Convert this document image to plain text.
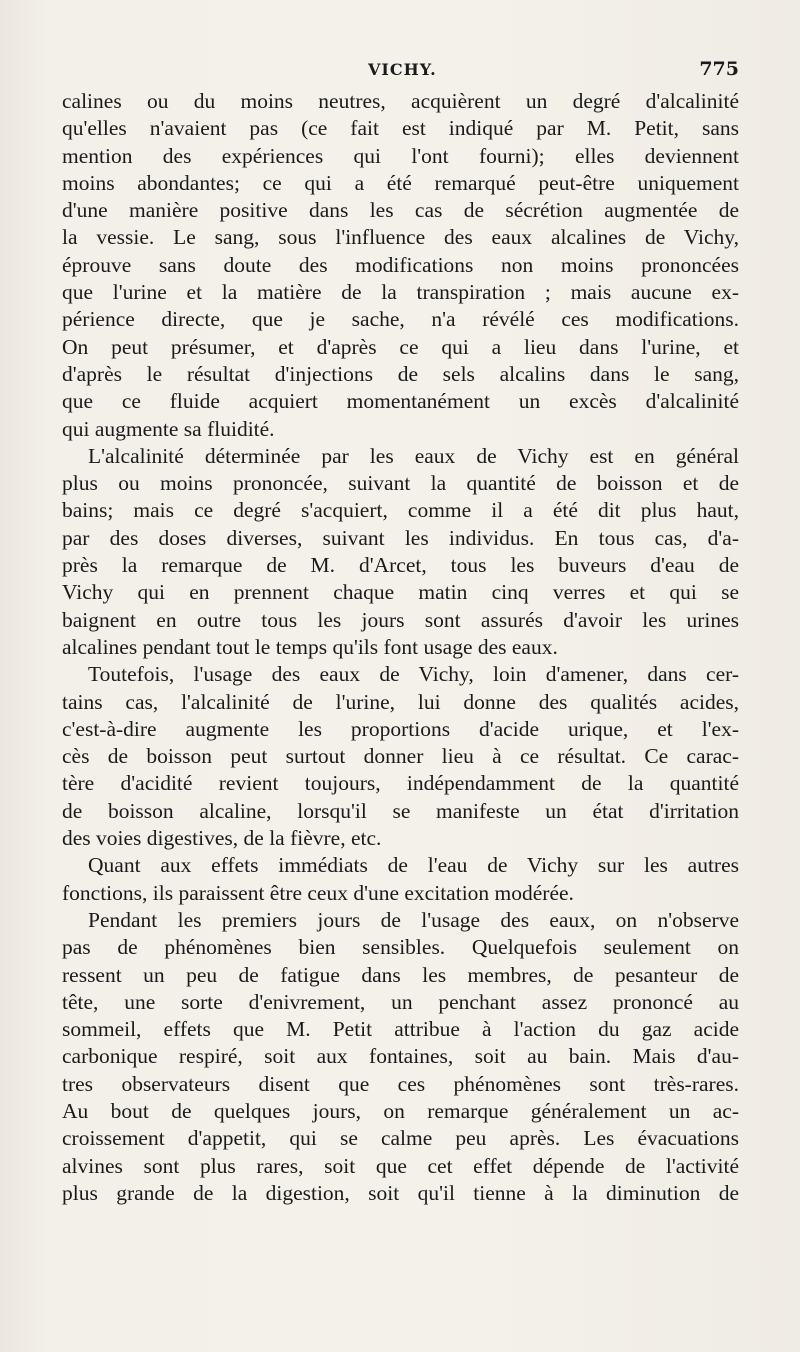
VICHY.	775
calines ou du moins neutres, acquièrent un degré d'alcalinité
qu'elles n'avaient pas (ce fait est indiqué par M. Petit, sans
mention des expériences qui l'ont fourni); elles deviennent
moins abondantes; ce qui a été remarqué peut-être uniquement
d'une manière positive dans les cas de sécrétion augmentée de
la vessie. Le sang, sous l'influence des eaux alcalines de Vichy,
éprouve sans doute des modifications non moins prononcées
que l'urine et la matière de la transpiration ; mais aucune ex-
périence directe, que je sache, n'a révélé ces modifications.
On peut présumer, et d'après ce qui a lieu dans l'urine, et
d'après le résultat d'injections de sels alcalins dans le sang,
que ce fluide acquiert momentanément un excès d'alcalinité
qui augmente sa fluidité.
L'alcalinité déterminée par les eaux de Vichy est en général
plus ou moins prononcée, suivant la quantité de boisson et de
bains; mais ce degré s'acquiert, comme il a été dit plus haut,
par des doses diverses, suivant les individus. En tous cas, d'a-
près la remarque de M. d'Arcet, tous les buveurs d'eau de
Vichy qui en prennent chaque matin cinq verres et qui se
baignent en outre tous les jours sont assurés d'avoir les urines
alcalines pendant tout le temps qu'ils font usage des eaux.
Toutefois, l'usage des eaux de Vichy, loin d'amener, dans cer-
tains cas, l'alcalinité de l'urine, lui donne des qualités acides,
c'est-à-dire augmente les proportions d'acide urique, et l'ex-
cès de boisson peut surtout donner lieu à ce résultat. Ce carac-
tère d'acidité revient toujours, indépendamment de la quantité
de boisson alcaline, lorsqu'il se manifeste un état d'irritation
des voies digestives, de la fièvre, etc.
Quant aux effets immédiats de l'eau de Vichy sur les autres
fonctions, ils paraissent être ceux d'une excitation modérée.
Pendant les premiers jours de l'usage des eaux, on n'observe
pas de phénomènes bien sensibles. Quelquefois seulement on
ressent un peu de fatigue dans les membres, de pesanteur de
tête, une sorte d'enivrement, un penchant assez prononcé au
sommeil, effets que M. Petit attribue à l'action du gaz acide
carbonique respiré, soit aux fontaines, soit au bain. Mais d'au-
tres observateurs disent que ces phénomènes sont très-rares.
Au bout de quelques jours, on remarque généralement un ac-
croissement d'appetit, qui se calme peu après. Les évacuations
alvines sont plus rares, soit que cet effet dépende de l'activité
plus grande de la digestion, soit qu'il tienne à la diminution de
